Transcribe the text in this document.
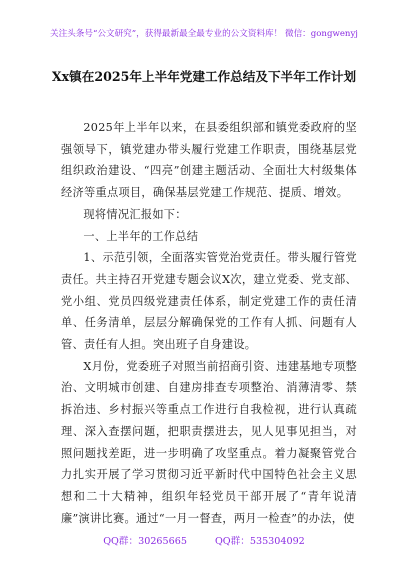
关注头条号“公文研究”，获得最新最全最专业的公文资料库！ 微信：gongwenyj
Xx镇在2025年上半年党建工作总结及下半年工作计划

2025年上半年以来，在县委组织部和镇党委政府的坚强领导下，镇党建办带头履行党建工作职责，围绕基层党组织政治建设、“四亮”创建主题活动、全面壮大村级集体经济等重点项目，确保基层党建工作规范、提质、增效。

现将情况汇报如下：

一、上半年的工作总结

1、示范引领，全面落实管党治党责任。带头履行管党责任。共主持召开党建专题会议X次，建立党委、党支部、党小组、党员四级党建责任体系，制定党建工作的责任清单、任务清单，层层分解确保党的工作有人抓、问题有人管、责任有人担。突出班子自身建设。

X月份，党委班子对照当前招商引资、违建基地专项整治、文明城市创建、自建房排查专项整治、消薄清零、禁拆治违、乡村振兴等重点工作进行自我检视，进行认真疏理、深入查摆问题，把职责摆进去，见人见事见担当，对照问题找差距，进一步明确了攻坚重点。着力凝聚管党合力扎实开展了学习贯彻习近平新时代中国特色社会主义思想和二十大精神，组织年轻党员干部开展了“青年说清廉”演讲比赛。通过“一月一督查，两月一检查”的办法，使

QQ群：30265665	QQ群：535304092
